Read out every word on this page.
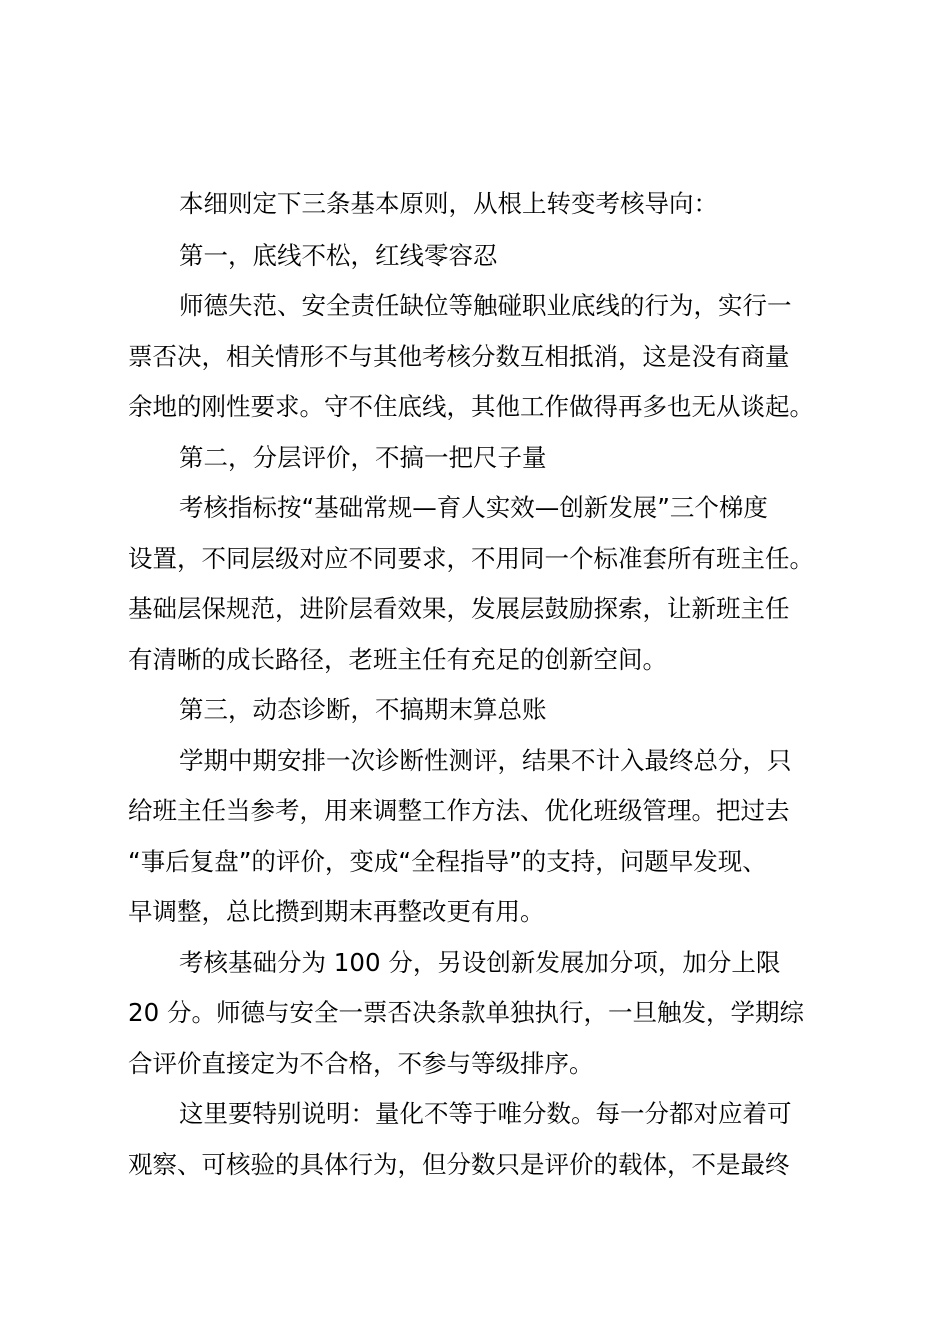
本细则定下三条基本原则，从根上转变考核导向：
第一，底线不松，红线零容忍
师德失范、安全责任缺位等触碰职业底线的行为，实行一
票否决，相关情形不与其他考核分数互相抵消，这是没有商量
余地的刚性要求。守不住底线，其他工作做得再多也无从谈起。
第二，分层评价，不搞一把尺子量
考核指标按“基础常规—育人实效—创新发展”三个梯度
设置，不同层级对应不同要求，不用同一个标准套所有班主任。
基础层保规范，进阶层看效果，发展层鼓励探索，让新班主任
有清晰的成长路径，老班主任有充足的创新空间。
第三，动态诊断，不搞期末算总账
学期中期安排一次诊断性测评，结果不计入最终总分，只
给班主任当参考，用来调整工作方法、优化班级管理。把过去
“事后复盘”的评价，变成“全程指导”的支持，问题早发现、
早调整，总比攒到期末再整改更有用。
考核基础分为 100 分，另设创新发展加分项，加分上限
20 分。师德与安全一票否决条款单独执行，一旦触发，学期综
合评价直接定为不合格，不参与等级排序。
这里要特别说明：量化不等于唯分数。每一分都对应着可
观察、可核验的具体行为，但分数只是评价的载体，不是最终
